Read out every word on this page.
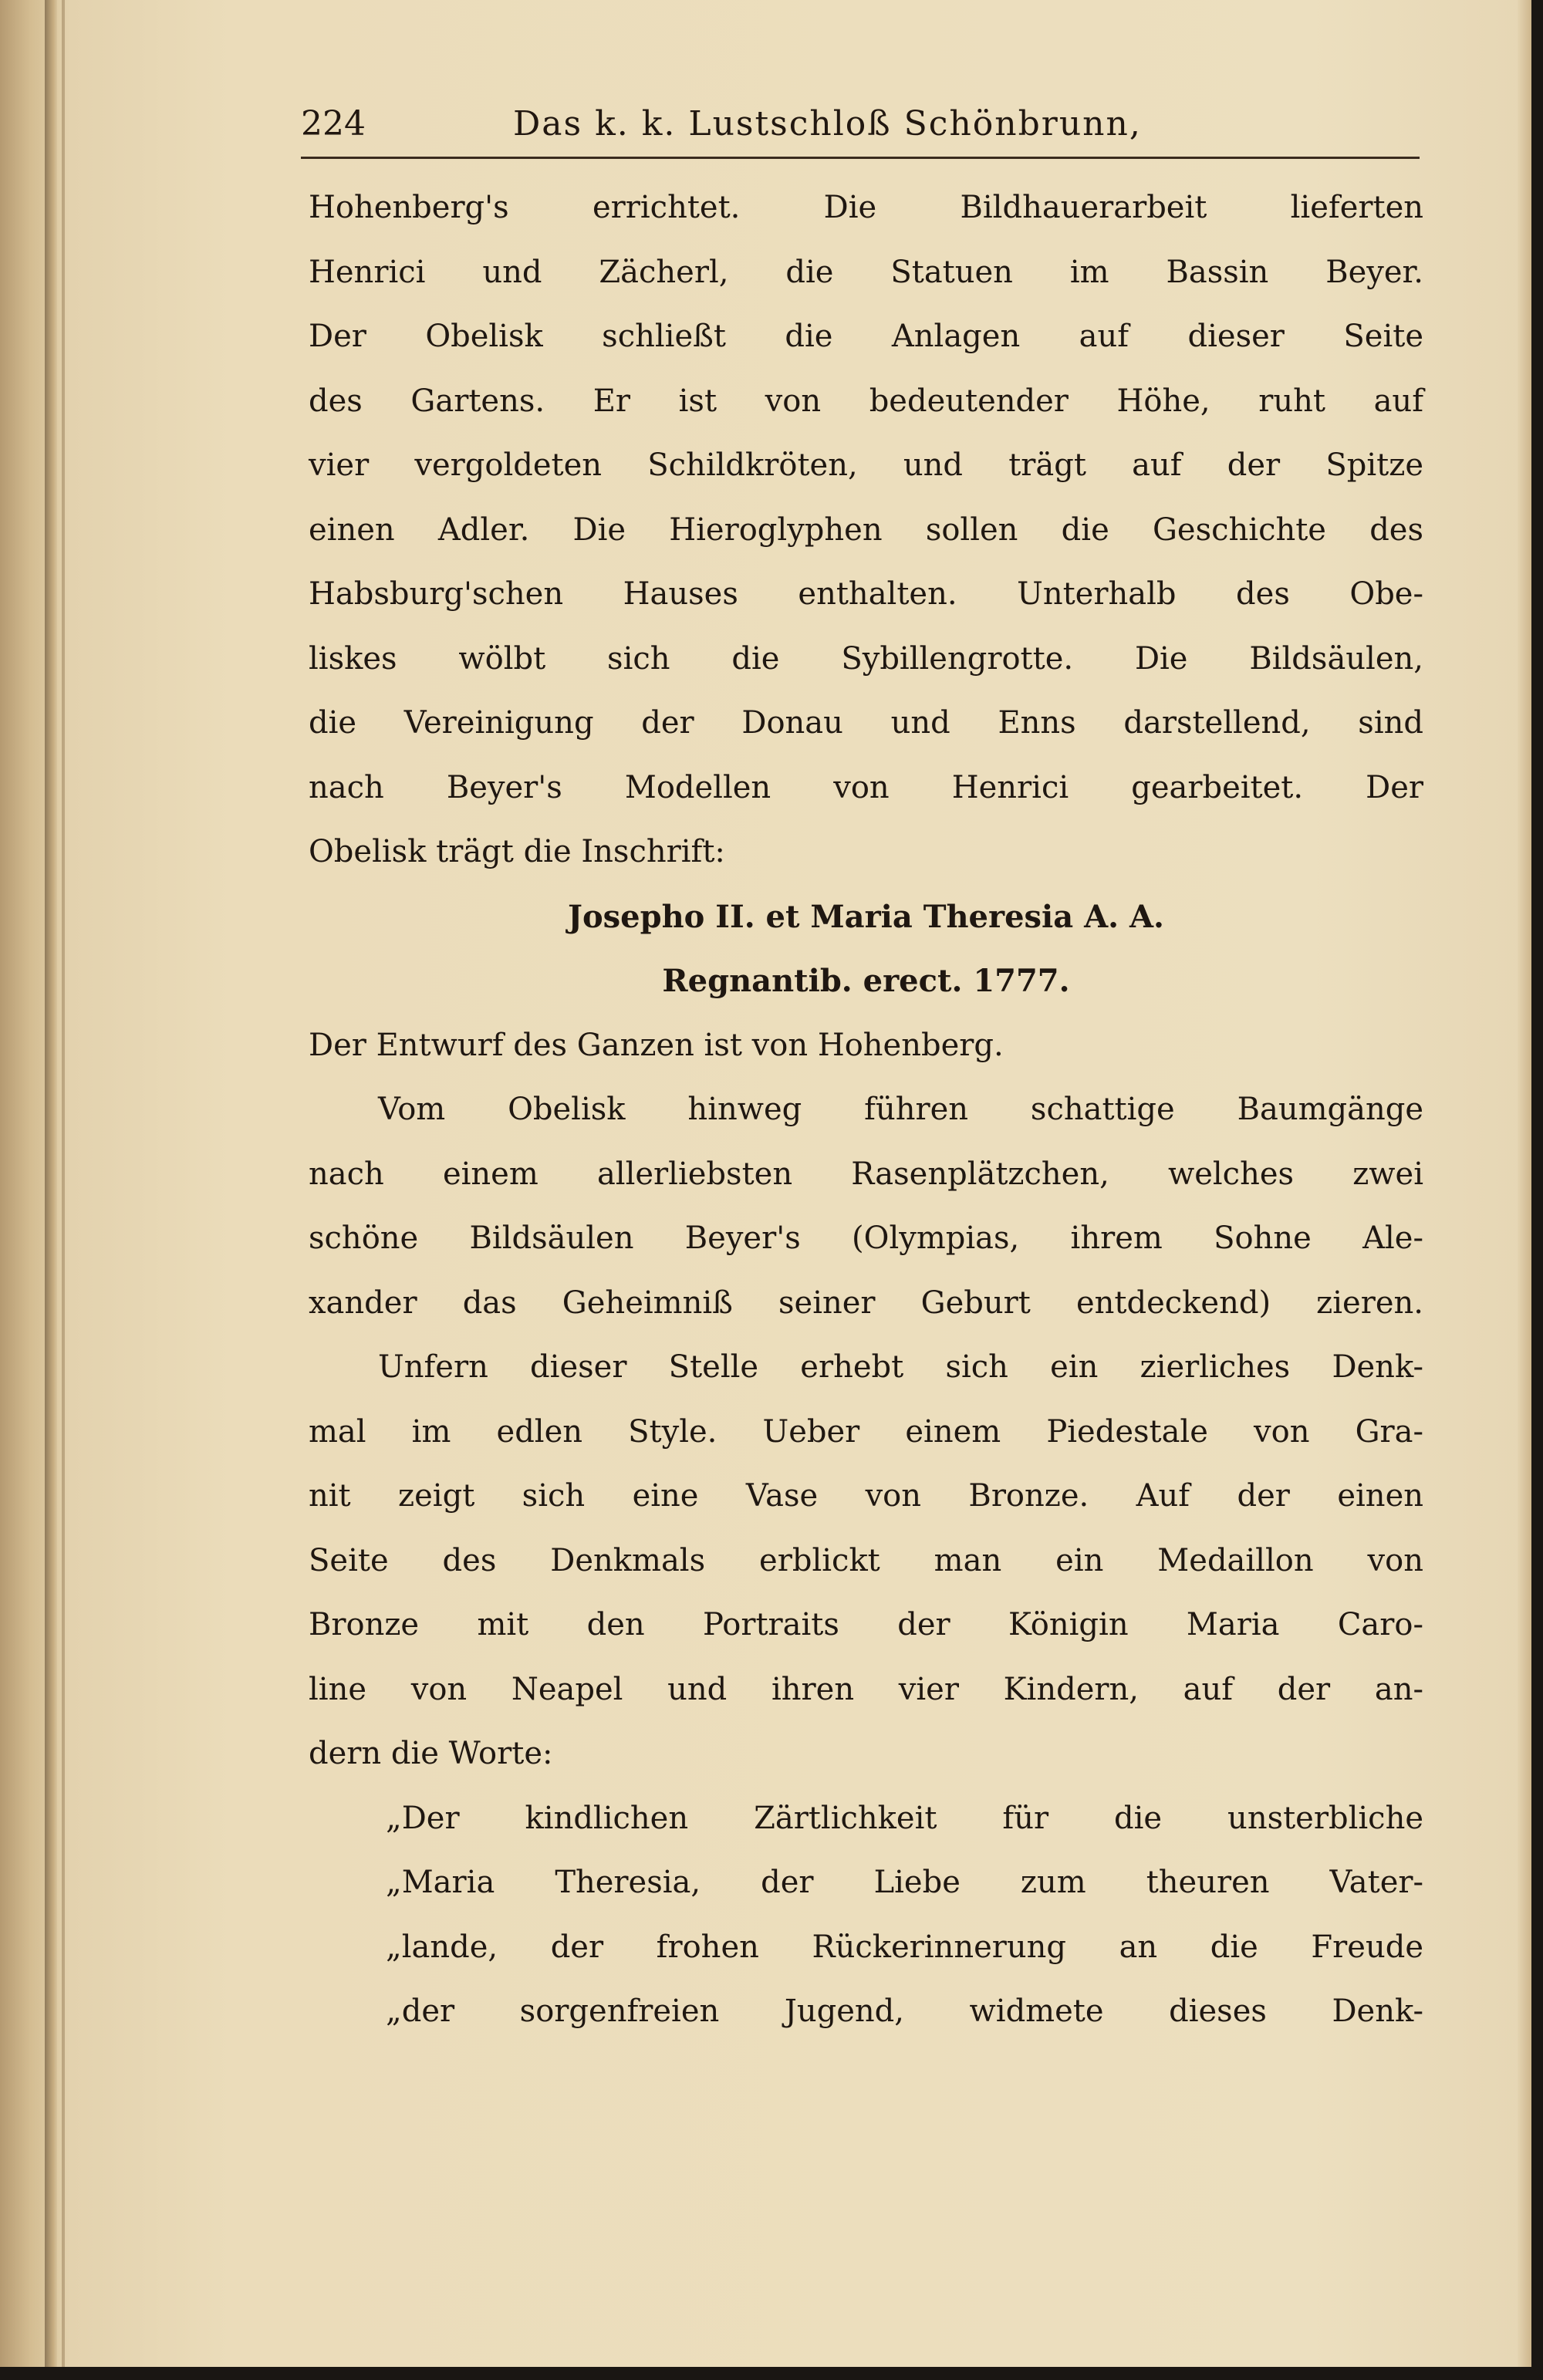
224	Das k. k. Lustschloß Schönbrunn,
Hohenberg's errichtet. Die Bildhauerarbeit lieferten
Henrici und Zächerl, die Statuen im Bassin Beyer.
Der Obelisk schließt die Anlagen auf dieser Seite
des Gartens. Er ist von bedeutender Höhe, ruht auf
vier vergoldeten Schildkröten, und trägt auf der Spitze
einen Adler. Die Hieroglyphen sollen die Geschichte des
Habsburg'schen Hauses enthalten. Unterhalb des Obe-
liskes wölbt sich die Sybillengrotte. Die Bildsäulen,
die Vereinigung der Donau und Enns darstellend, sind
nach Beyer's Modellen von Henrici gearbeitet. Der
Obelisk trägt die Inschrift:
Josepho II. et Maria Theresia A. A.
Regnantib. erect. 1777.
Der Entwurf des Ganzen ist von Hohenberg.
Vom Obelisk hinweg führen schattige Baumgänge
nach einem allerliebsten Rasenplätzchen, welches zwei
schöne Bildsäulen Beyer's (Olympias, ihrem Sohne Ale-
xander das Geheimniß seiner Geburt entdeckend) zieren.
Unfern dieser Stelle erhebt sich ein zierliches Denk-
mal im edlen Style. Ueber einem Piedestale von Gra-
nit zeigt sich eine Vase von Bronze. Auf der einen
Seite des Denkmals erblickt man ein Medaillon von
Bronze mit den Portraits der Königin Maria Caro-
line von Neapel und ihren vier Kindern, auf der an-
dern die Worte:
„Der kindlichen Zärtlichkeit für die unsterbliche
„Maria Theresia, der Liebe zum theuren Vater-
„lande, der frohen Rückerinnerung an die Freude
„der sorgenfreien Jugend, widmete dieses Denk-
